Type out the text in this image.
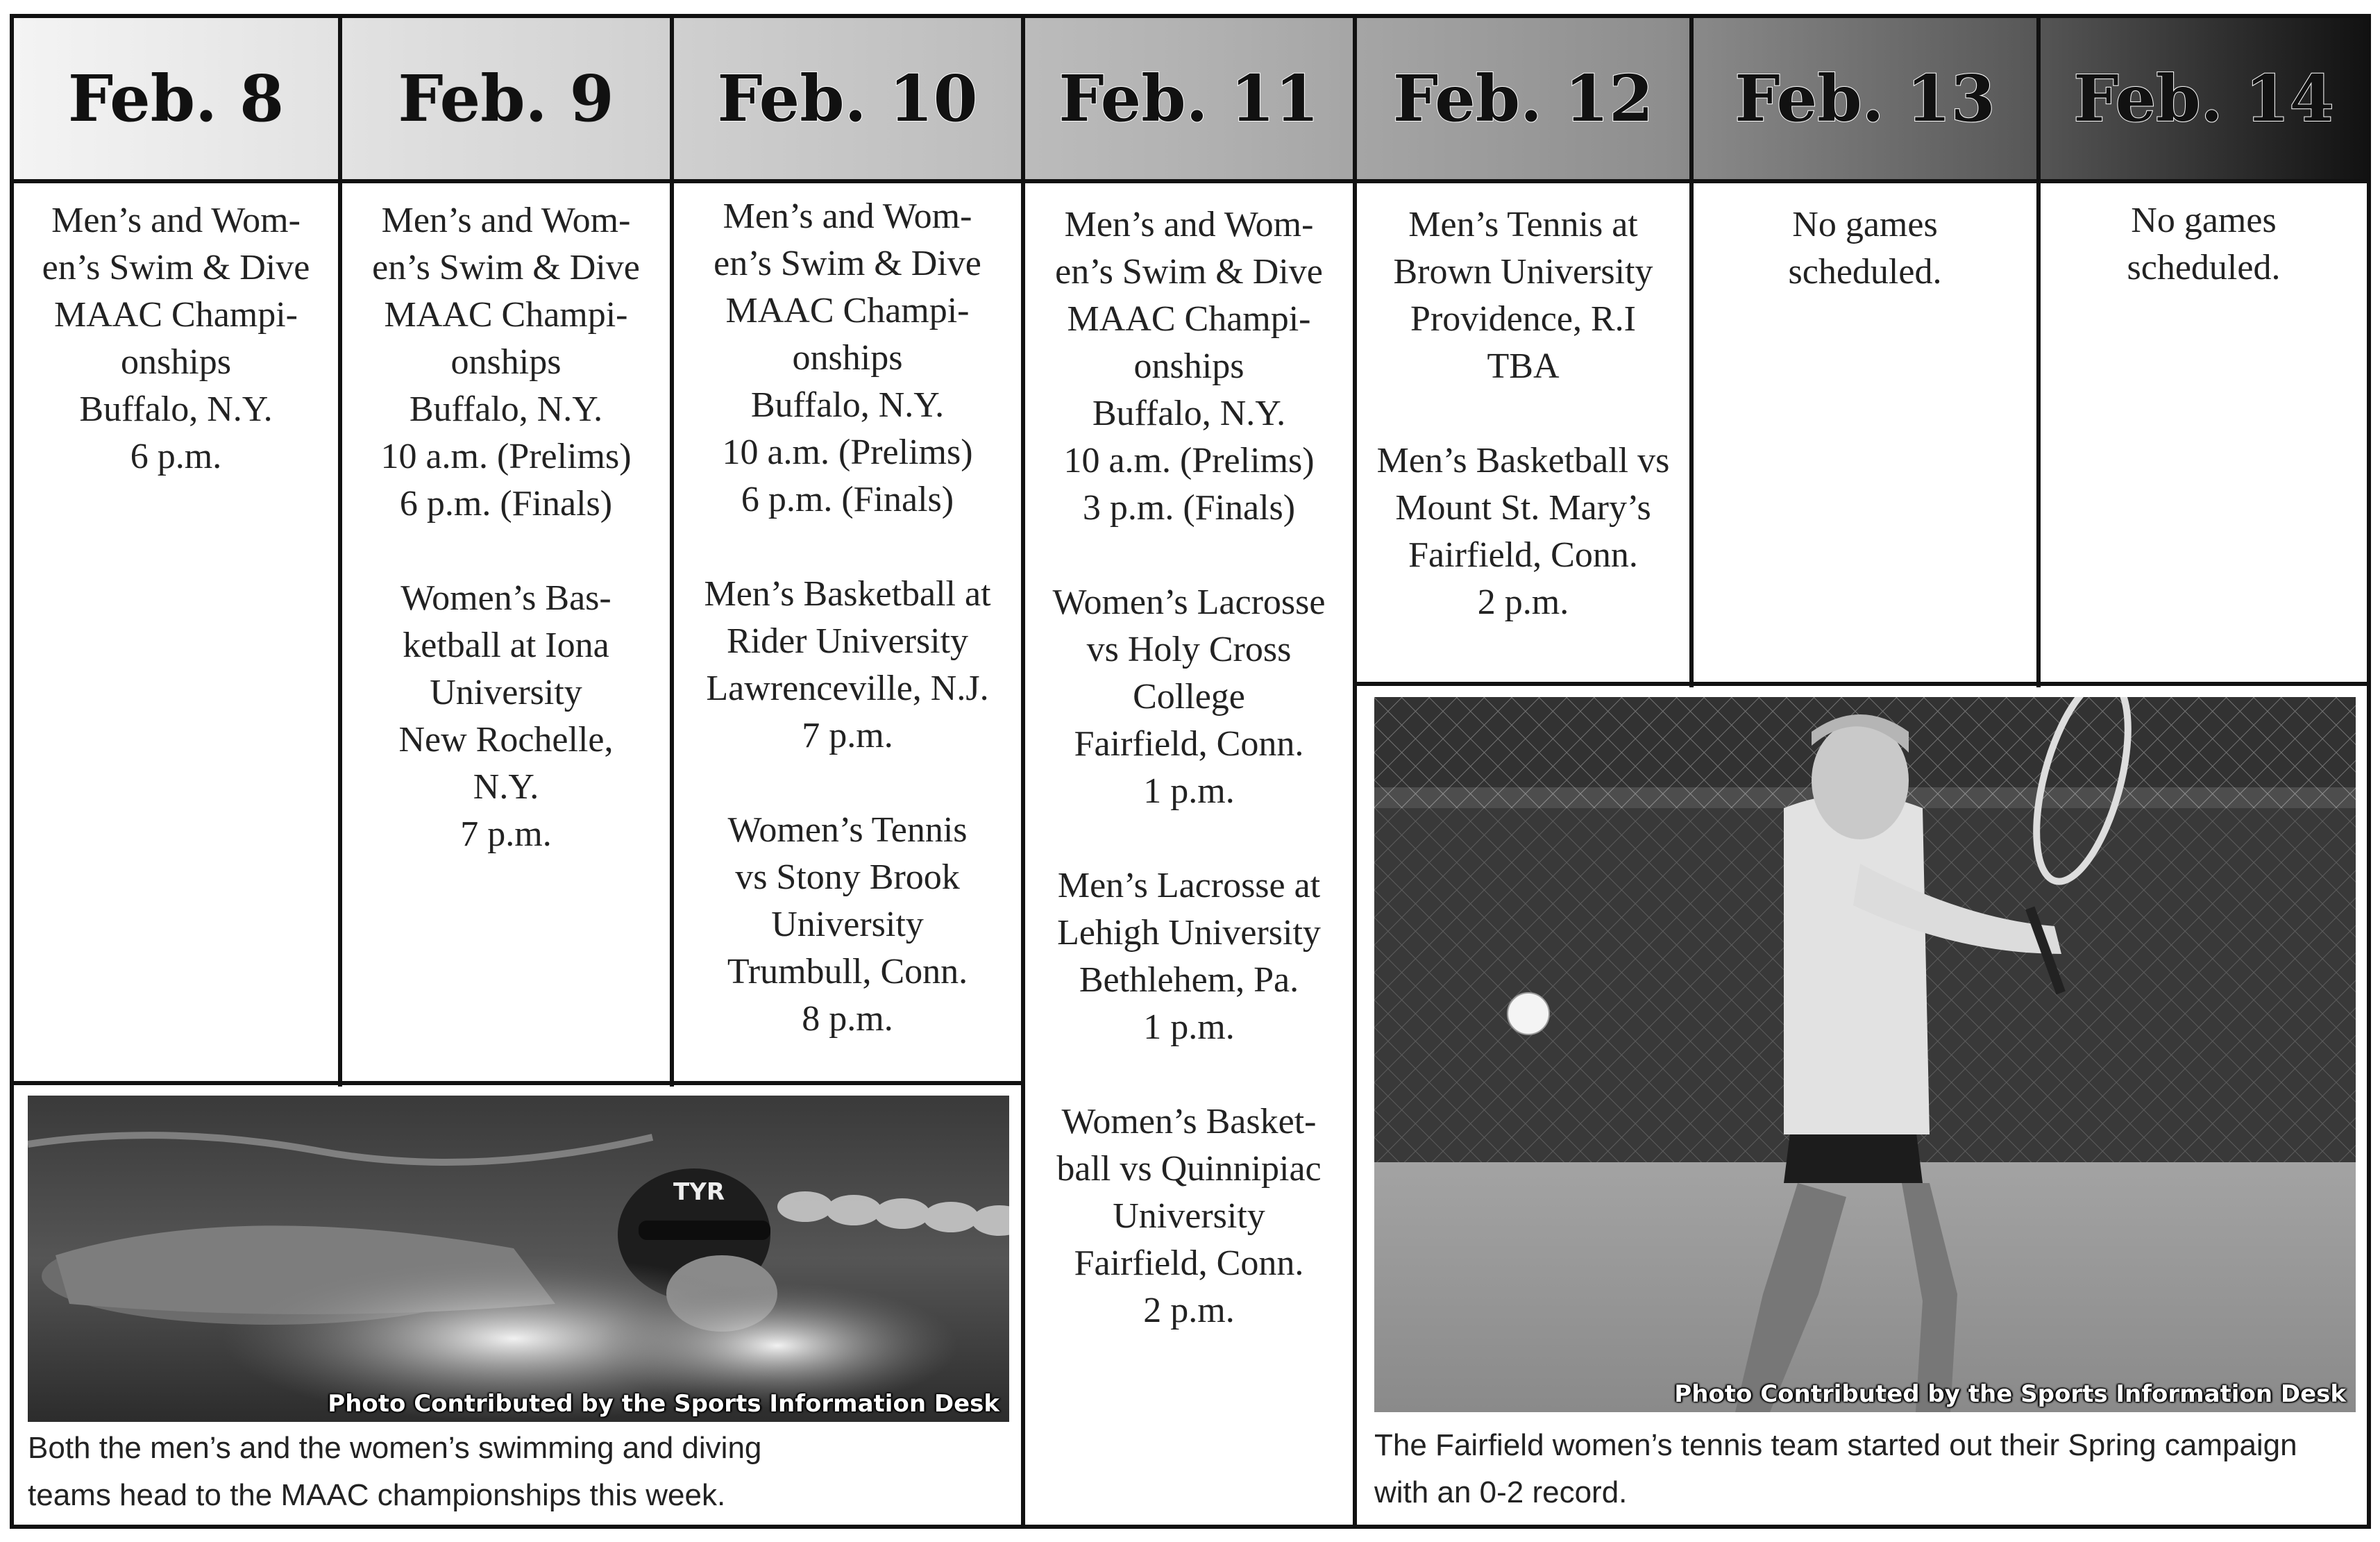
Feb. 8 Feb. 9 Feb. 10 Feb. 11 Feb. 12 Feb. 13 Feb. 14
Men’s and Wom-
en’s Swim & Dive
MAAC Champi-
onships
Buffalo, N.Y.
6 p.m.
Men’s and Wom-
en’s Swim & Dive
MAAC Champi-
onships
Buffalo, N.Y.
10 a.m. (Prelims)
6 p.m. (Finals)
Women’s Bas-
ketball at Iona
University
New Rochelle,
N.Y.
7 p.m.
Men’s and Wom-
en’s Swim & Dive
MAAC Champi-
onships
Buffalo, N.Y.
10 a.m. (Prelims)
6 p.m. (Finals)
Men’s Basketball at
Rider University
Lawrenceville, N.J.
7 p.m.
Women’s Tennis
vs Stony Brook
University
Trumbull, Conn.
8 p.m.
Men’s and Wom-
en’s Swim & Dive
MAAC Champi-
onships
Buffalo, N.Y.
10 a.m. (Prelims)
3 p.m. (Finals)
Women’s Lacrosse
vs Holy Cross
College
Fairfield, Conn.
1 p.m.
Men’s Lacrosse at
Lehigh University
Bethlehem, Pa.
1 p.m.
Women’s Basket-
ball vs Quinnipiac
University
Fairfield, Conn.
2 p.m.
Men’s Tennis at
Brown University
Providence, R.I
TBA
Men’s Basketball vs
Mount St. Mary’s
Fairfield, Conn.
2 p.m.
No games
scheduled.
No games
scheduled.
TYR
Photo Contributed by the Sports Information Desk
Both the men’s and the women’s swimming and diving
teams head to the MAAC championships this week.
Photo Contributed by the Sports Information Desk
The Fairfield women’s tennis team started out their Spring campaign
with an 0-2 record.
